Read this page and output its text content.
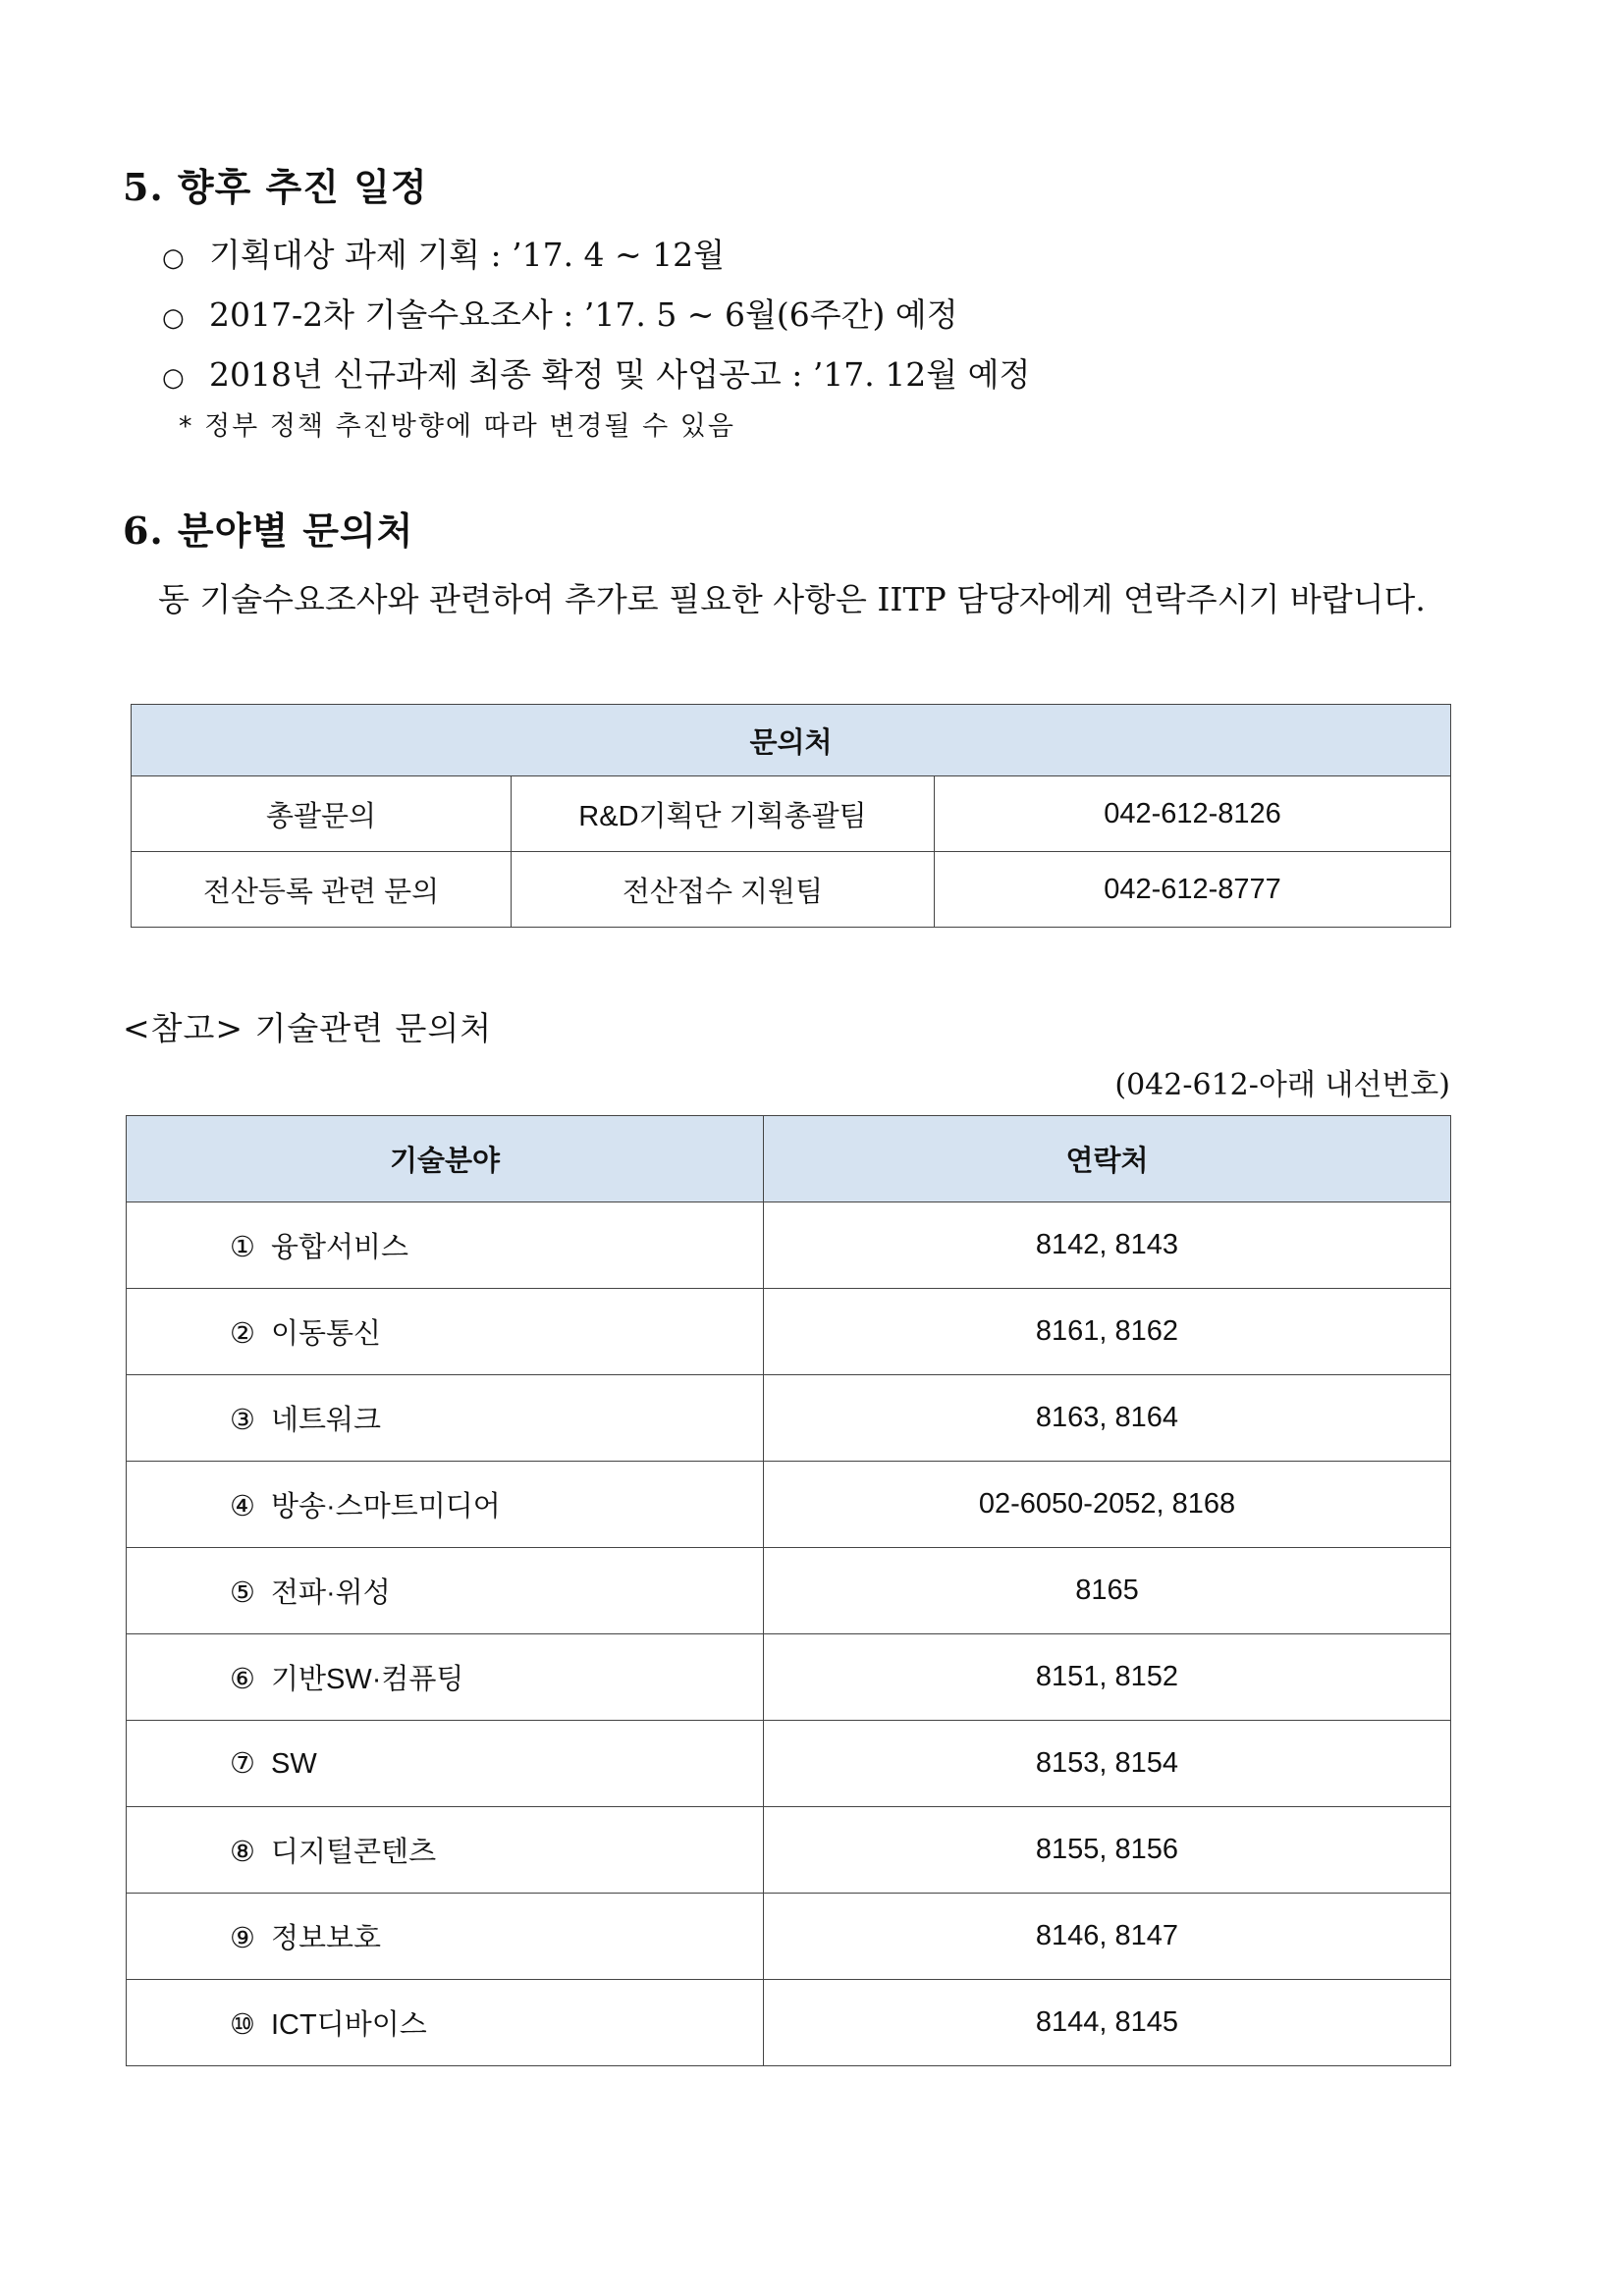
5. 향후 추진 일정
○ 기획대상 과제 기획 : ’17. 4 ~ 12월
○ 2017-2차 기술수요조사 : ’17. 5 ~ 6월(6주간) 예정
○ 2018년 신규과제 최종 확정 및 사업공고 : ’17. 12월 예정
* 정부 정책 추진방향에 따라 변경될 수 있음
6. 분야별 문의처

동 기술수요조사와 관련하여 추가로 필요한 사항은 IITP 담당자에게 연락주시기 바랍니다.

문의처		
총괄문의	R&D기획단 기획총괄팀	042-612-8126
전산등록 관련 문의	전산접수 지원팀	042-612-8777
<참고> 기술관련 문의처
(042-612-아래 내선번호)
기술분야	연락처
① 융합서비스	8142, 8143
② 이동통신	8161, 8162
③ 네트워크	8163, 8164
④ 방송·스마트미디어	02-6050-2052, 8168
⑤ 전파·위성	8165
⑥ 기반SW·컴퓨팅	8151, 8152
⑦ SW	8153, 8154
⑧ 디지털콘텐츠	8155, 8156
⑨ 정보보호	8146, 8147
⑩ ICT디바이스	8144, 8145
